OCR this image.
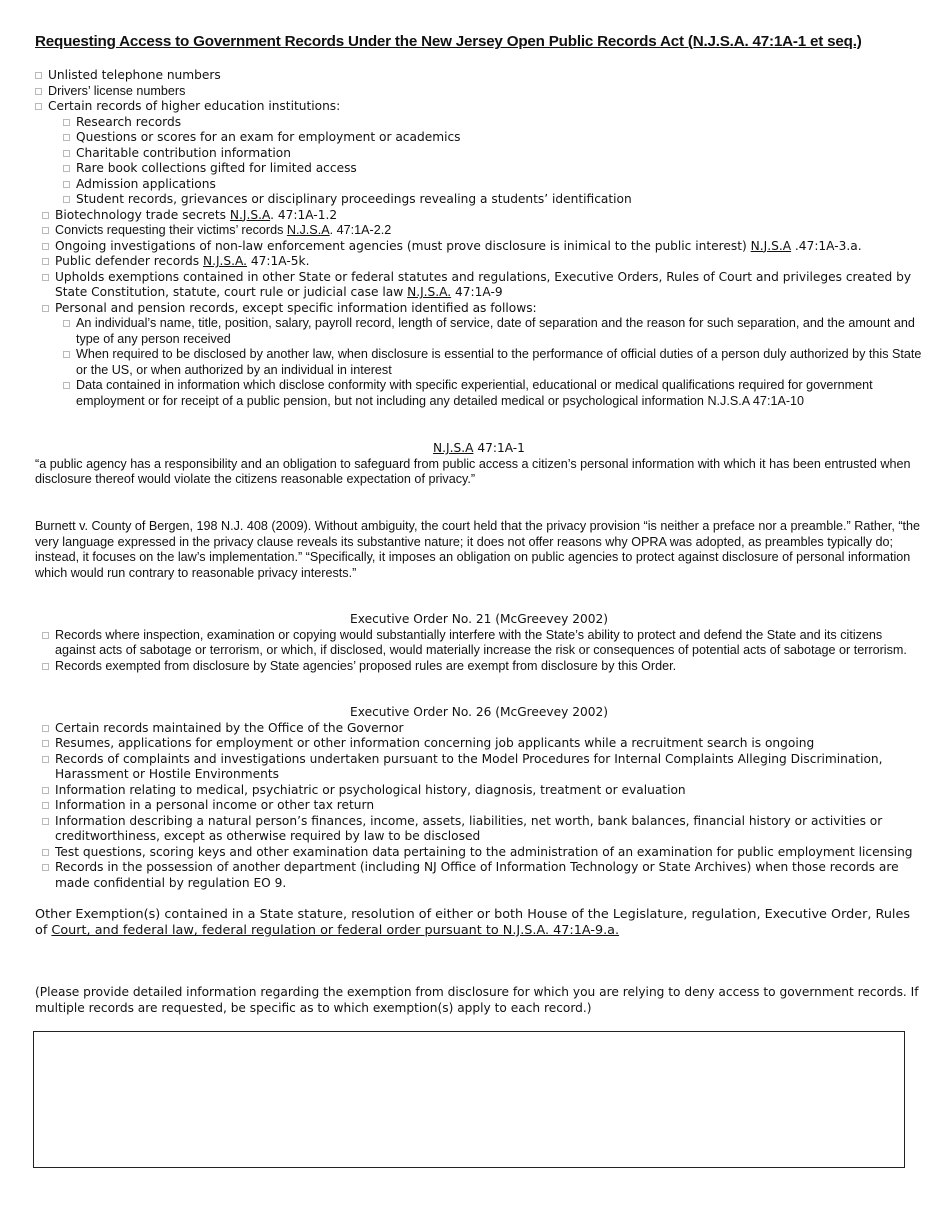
Requesting Access to Government Records Under the New Jersey Open Public Records Act (N.J.S.A. 47:1A-1 et seq.)
Unlisted telephone numbers
Drivers’ license numbers
Certain records of higher education institutions:
Research records
Questions or scores for an exam for employment or academics
Charitable contribution information
Rare book collections gifted for limited access
Admission applications
Student records, grievances or disciplinary proceedings revealing a students’ identification
Biotechnology trade secrets N.J.S.A. 47:1A-1.2
Convicts requesting their victims’ records N.J.S.A. 47:1A-2.2
Ongoing investigations of non-law enforcement agencies (must prove disclosure is inimical to the public interest) N.J.S.A .47:1A-3.a.
Public defender records N.J.S.A. 47:1A-5k.
Upholds exemptions contained in other State or federal statutes and regulations, Executive Orders, Rules of Court and privileges created by State Constitution, statute, court rule or judicial case law N.J.S.A. 47:1A-9
Personal and pension records, except specific information identified as follows:
An individual’s name, title, position, salary, payroll record, length of service, date of separation and the reason for such separation, and the amount and type of any person received
When required to be disclosed by another law, when disclosure is essential to the performance of official duties of a person duly authorized by this State or the US, or when authorized by an individual in interest
Data contained in information which disclose conformity with specific experiential, educational or medical qualifications required for government employment or for receipt of a public pension, but not including any detailed medical or psychological information N.J.S.A 47:1A-10
N.J.S.A 47:1A-1
“a public agency has a responsibility and an obligation to safeguard from public access a citizen’s personal information with which it has been entrusted when disclosure thereof would violate the citizens reasonable expectation of privacy.”
Burnett v. County of Bergen, 198 N.J. 408 (2009). Without ambiguity, the court held that the privacy provision “is neither a preface nor a preamble.” Rather, “the very language expressed in the privacy clause reveals its substantive nature; it does not offer reasons why OPRA was adopted, as preambles typically do; instead, it focuses on the law’s implementation.” “Specifically, it imposes an obligation on public agencies to protect against disclosure of personal information which would run contrary to reasonable privacy interests.”
Executive Order No. 21 (McGreevey 2002)
Records where inspection, examination or copying would substantially interfere with the State’s ability to protect and defend the State and its citizens against acts of sabotage or terrorism, or which, if disclosed, would materially increase the risk or consequences of potential acts of sabotage or terrorism.
Records exempted from disclosure by State agencies’ proposed rules are exempt from disclosure by this Order.
Executive Order No. 26 (McGreevey 2002)
Certain records maintained by the Office of the Governor
Resumes, applications for employment or other information concerning job applicants while a recruitment search is ongoing
Records of complaints and investigations undertaken pursuant to the Model Procedures for Internal Complaints Alleging Discrimination, Harassment or Hostile Environments
Information relating to medical, psychiatric or psychological history, diagnosis, treatment or evaluation
Information in a personal income or other tax return
Information describing a natural person’s finances, income, assets, liabilities, net worth, bank balances, financial history or activities or creditworthiness, except as otherwise required by law to be disclosed
Test questions, scoring keys and other examination data pertaining to the administration of an examination for public employment licensing
Records in the possession of another department (including NJ Office of Information Technology or State Archives) when those records are made confidential by regulation EO 9.
Other Exemption(s) contained in a State stature, resolution of either or both House of the Legislature, regulation, Executive Order, Rules
of Court, and federal law, federal regulation or federal order pursuant to N.J.S.A. 47:1A-9.a.
(Please provide detailed information regarding the exemption from disclosure for which you are relying to deny access to government records. If multiple records are requested, be specific as to which exemption(s) apply to each record.)
